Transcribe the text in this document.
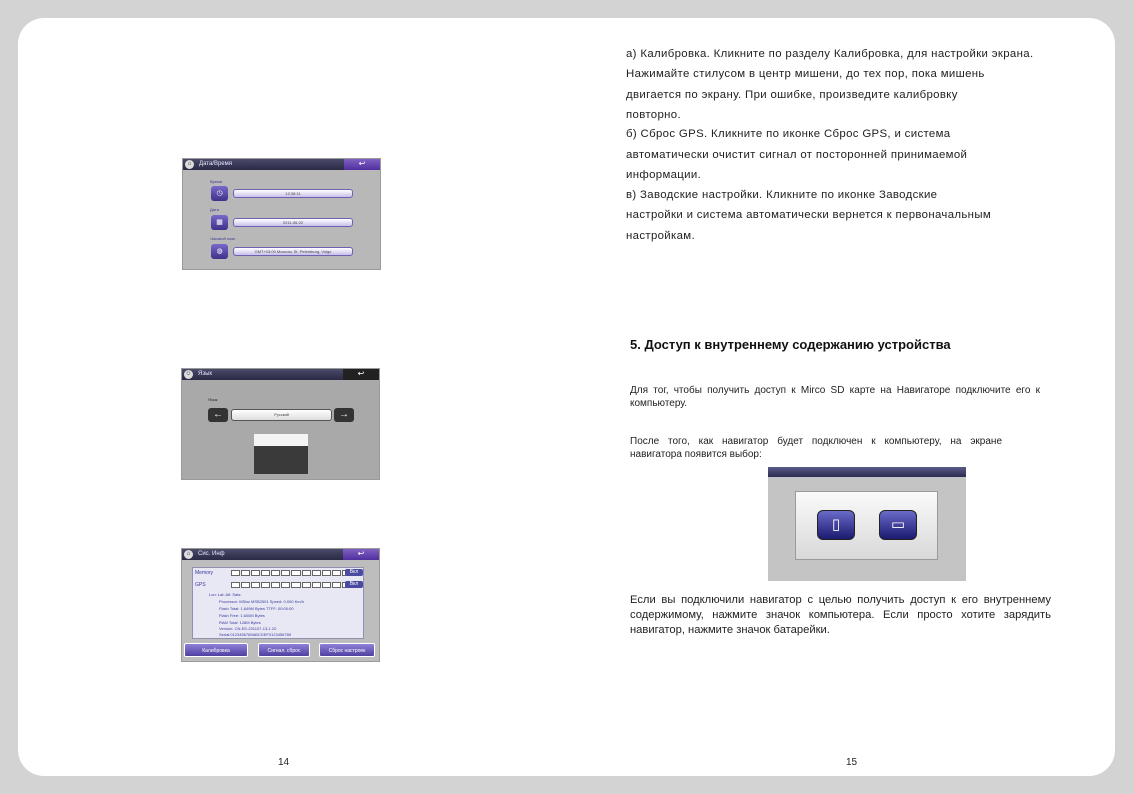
⌂	Дата/Время	↩
Время
◷	12:38:11
Дата
▦	2011-06-22
Часовой пояс
◍	GMT+03:00 Moscow, St. Petersburg, Volgo
☺ Язык	↩
Язык
←	Русский	→
⌂	Сис. Инф	↩
Memory	Вкл
GPS	Вкл
Lon: Lat: Alt: Sats:
Processor: MStar MSB2501 Speed: 0.000 Km/h
Flash Total: 1,649M Bytes TTFF: 00:00:00
Flash Free: 1,600M Bytes
RAM Total: 128M Bytes
Version: CN-EE-201107-13-1.20
Serial:0123456789ABCDEF0123456789
Калибровка	Сигнал. сброс	Сброс настроек
а) Калибровка. Кликните по разделу Калибровка, для настройки экрана.
Нажимайте стилусом в центр мишени, до тех пор, пока мишень
двигается по экрану. При ошибке, произведите калибровку
повторно.
б) Сброс GPS. Кликните по иконке Сброс GPS, и система
автоматически очистит сигнал от посторонней принимаемой
информации.
в) Заводские настройки. Кликните по иконке Заводские
настройки и система автоматически вернется к первоначальным
настройкам.
5. Доступ к внутреннему содержанию устройства
Для тог, чтобы получить доступ к Mirco SD карте на Навигаторе подключите его к компьютеру.
После того, как навигатор будет подключен к компьютеру, на экране навигатора появится выбор:
▯	▭
Если вы подключили навигатор с целью получить доступ к его внутреннему содержимому, нажмите значок компьютера. Если просто хотите зарядить навигатор, нажмите значок батарейки.
14	15
